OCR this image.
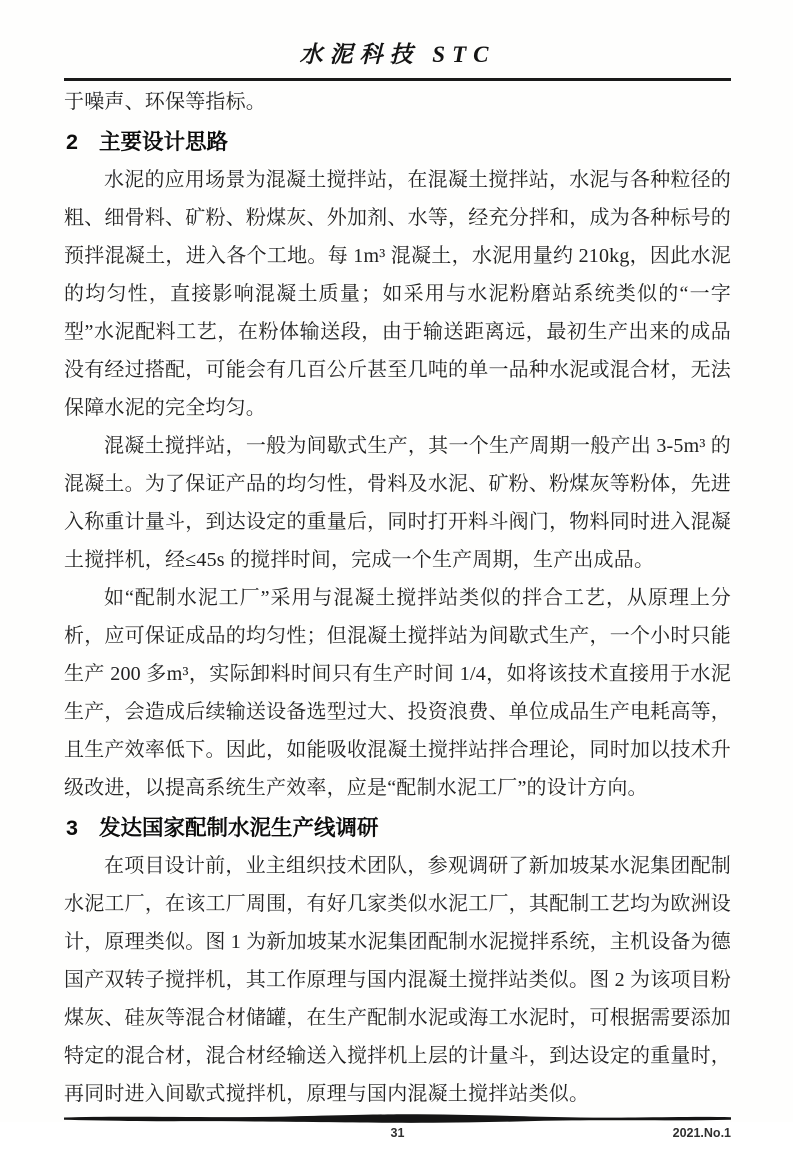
水泥科技 STC

于噪声、环保等指标。

2 主要设计思路

水泥的应用场景为混凝土搅拌站，在混凝土搅拌站，水泥与各种粒径的粗、细骨料、矿粉、粉煤灰、外加剂、水等，经充分拌和，成为各种标号的预拌混凝土，进入各个工地。每 1m³ 混凝土，水泥用量约 210kg，因此水泥的均匀性，直接影响混凝土质量；如采用与水泥粉磨站系统类似的“一字型”水泥配料工艺，在粉体输送段，由于输送距离远，最初生产出来的成品没有经过搭配，可能会有几百公斤甚至几吨的单一品种水泥或混合材，无法保障水泥的完全均匀。

混凝土搅拌站，一般为间歇式生产，其一个生产周期一般产出 3-5m³ 的混凝土。为了保证产品的均匀性，骨料及水泥、矿粉、粉煤灰等粉体，先进入称重计量斗，到达设定的重量后，同时打开料斗阀门，物料同时进入混凝土搅拌机，经≤45s 的搅拌时间，完成一个生产周期，生产出成品。

如“配制水泥工厂”采用与混凝土搅拌站类似的拌合工艺，从原理上分析，应可保证成品的均匀性；但混凝土搅拌站为间歇式生产，一个小时只能生产 200 多m³，实际卸料时间只有生产时间 1/4，如将该技术直接用于水泥生产，会造成后续输送设备选型过大、投资浪费、单位成品生产电耗高等，且生产效率低下。因此，如能吸收混凝土搅拌站拌合理论，同时加以技术升级改进，以提高系统生产效率，应是“配制水泥工厂”的设计方向。

3 发达国家配制水泥生产线调研

在项目设计前，业主组织技术团队，参观调研了新加坡某水泥集团配制水泥工厂，在该工厂周围，有好几家类似水泥工厂，其配制工艺均为欧洲设计，原理类似。图 1 为新加坡某水泥集团配制水泥搅拌系统，主机设备为德国产双转子搅拌机，其工作原理与国内混凝土搅拌站类似。图 2 为该项目粉煤灰、硅灰等混合材储罐，在生产配制水泥或海工水泥时，可根据需要添加特定的混合材，混合材经输送入搅拌机上层的计量斗，到达设定的重量时，再同时进入间歇式搅拌机，原理与国内混凝土搅拌站类似。

31	2021.No.1
